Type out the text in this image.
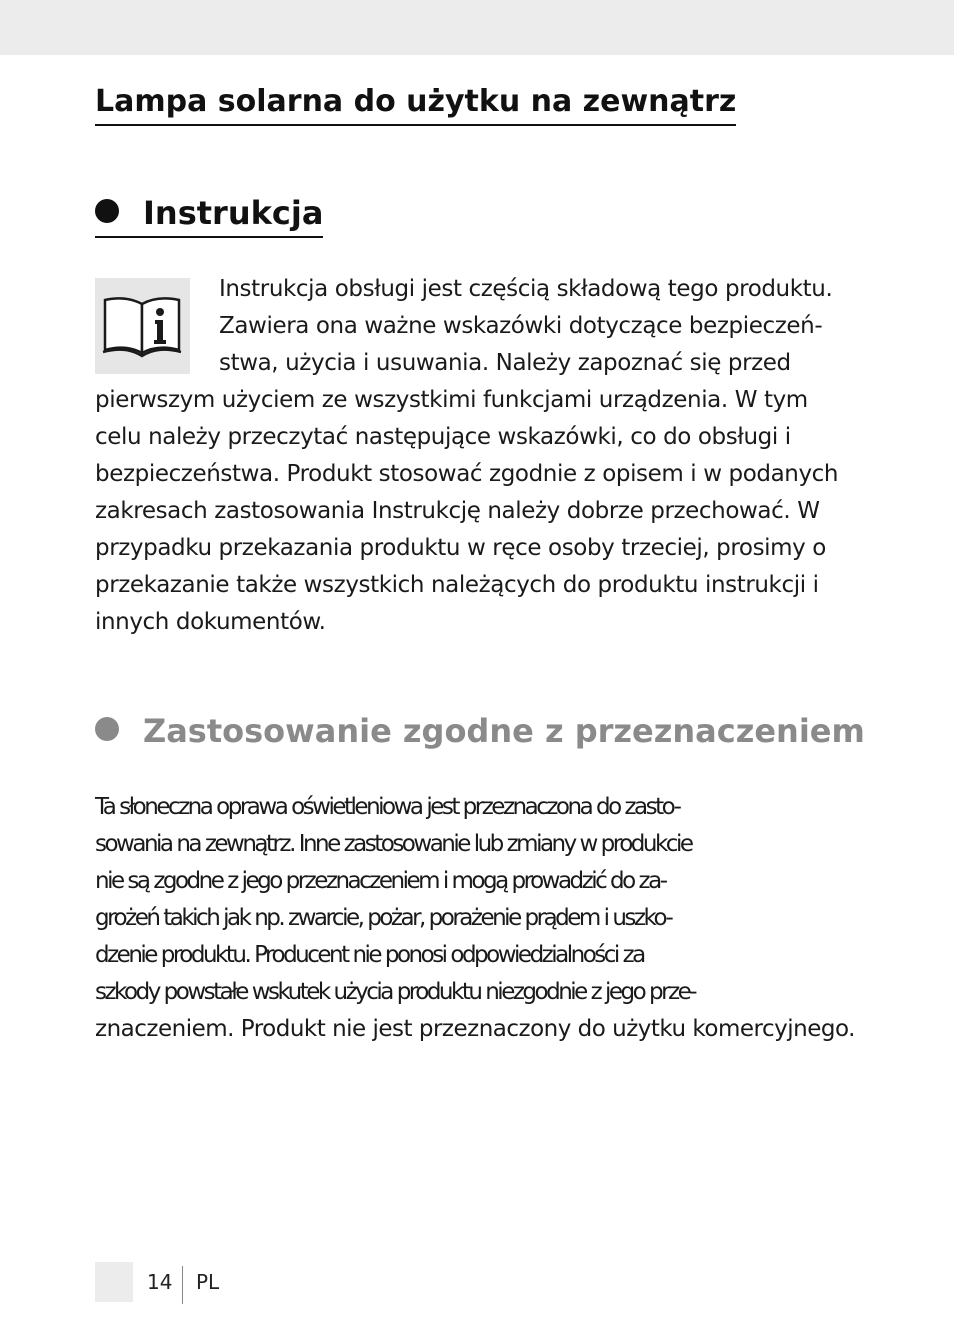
Lampa solarna do użytku na zewnątrz
Instrukcja
Instrukcja obsługi jest częścią składową tego produktu.
Zawiera ona ważne wskazówki dotyczące bezpieczeń-
stwa, użycia i usuwania. Należy zapoznać się przed
pierwszym użyciem ze wszystkimi funkcjami urządzenia. W tym
celu należy przeczytać następujące wskazówki, co do obsługi i
bezpieczeństwa. Produkt stosować zgodnie z opisem i w podanych
zakresach zastosowania Instrukcję należy dobrze przechować. W
przypadku przekazania produktu w ręce osoby trzeciej, prosimy o
przekazanie także wszystkich należących do produktu instrukcji i
innych dokumentów.
Zastosowanie zgodne z przeznaczeniem
Ta słoneczna oprawa oświetleniowa jest przeznaczona do zasto-
sowania na zewnątrz. Inne zastosowanie lub zmiany w produkcie
nie są zgodne z jego przeznaczeniem i mogą prowadzić do za-
grożeń takich jak np. zwarcie, pożar, porażenie prądem i uszko-
dzenie produktu. Producent nie ponosi odpowiedzialności za
szkody powstałe wskutek użycia produktu niezgodnie z jego prze-
znaczeniem. Produkt nie jest przeznaczony do użytku komercyjnego.
14 PL
